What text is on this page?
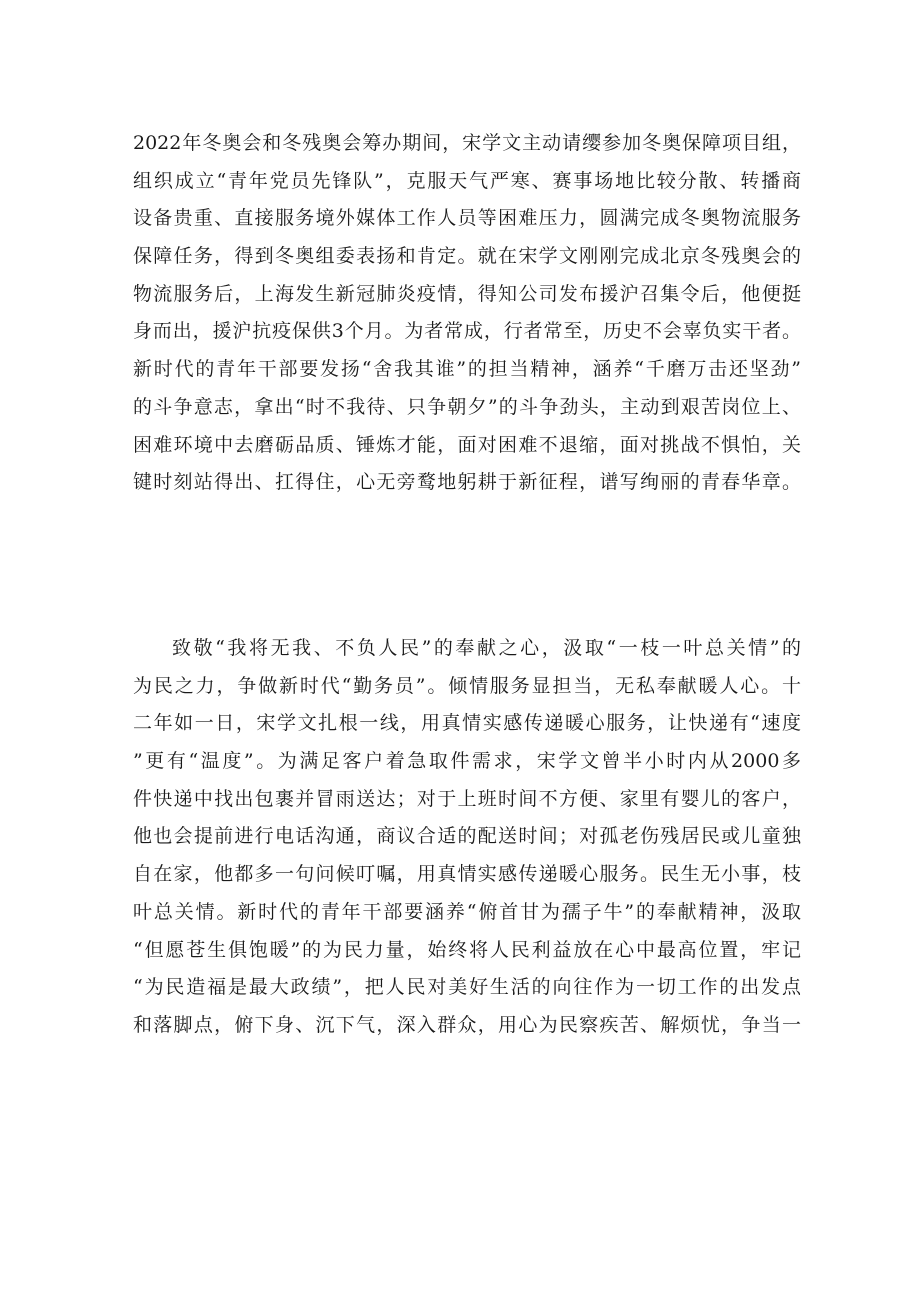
2022年冬奥会和冬残奥会筹办期间，宋学文主动请缨参加冬奥保障项目组，
组织成立“青年党员先锋队”，克服天气严寒、赛事场地比较分散、转播商
设备贵重、直接服务境外媒体工作人员等困难压力，圆满完成冬奥物流服务
保障任务，得到冬奥组委表扬和肯定。就在宋学文刚刚完成北京冬残奥会的
物流服务后，上海发生新冠肺炎疫情，得知公司发布援沪召集令后，他便挺
身而出，援沪抗疫保供3个月。为者常成，行者常至，历史不会辜负实干者。
新时代的青年干部要发扬“舍我其谁”的担当精神，涵养“千磨万击还坚劲”
的斗争意志，拿出“时不我待、只争朝夕”的斗争劲头，主动到艰苦岗位上、
困难环境中去磨砺品质、锤炼才能，面对困难不退缩，面对挑战不惧怕，关
键时刻站得出、扛得住，心无旁鹜地躬耕于新征程，谱写绚丽的青春华章。
致敬“我将无我、不负人民”的奉献之心，汲取“一枝一叶总关情”的
为民之力，争做新时代“勤务员”。倾情服务显担当，无私奉献暖人心。十
二年如一日，宋学文扎根一线，用真情实感传递暖心服务，让快递有“速度
”更有“温度”。为满足客户着急取件需求，宋学文曾半小时内从2000多
件快递中找出包裹并冒雨送达；对于上班时间不方便、家里有婴儿的客户，
他也会提前进行电话沟通，商议合适的配送时间；对孤老伤残居民或儿童独
自在家，他都多一句问候叮嘱，用真情实感传递暖心服务。民生无小事，枝
叶总关情。新时代的青年干部要涵养“俯首甘为孺子牛”的奉献精神，汲取
“但愿苍生俱饱暖”的为民力量，始终将人民利益放在心中最高位置，牢记
“为民造福是最大政绩”，把人民对美好生活的向往作为一切工作的出发点
和落脚点，俯下身、沉下气，深入群众，用心为民察疾苦、解烦忧，争当一
